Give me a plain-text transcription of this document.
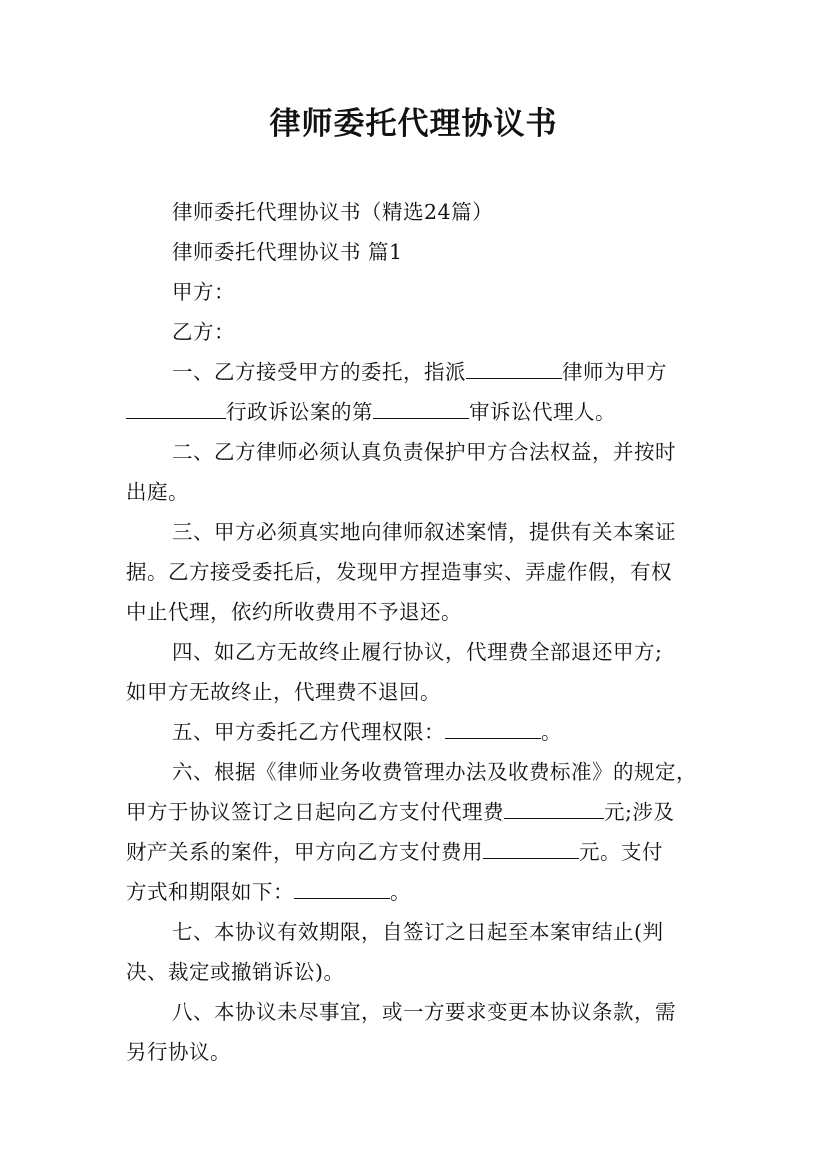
律师委托代理协议书
律师委托代理协议书（精选24篇）
律师委托代理协议书 篇1
甲方：
乙方：
一、乙方接受甲方的委托，指派	律师为甲方
行政诉讼案的第	审诉讼代理人。
二、乙方律师必须认真负责保护甲方合法权益，并按时
出庭。
三、甲方必须真实地向律师叙述案情，提供有关本案证
据。乙方接受委托后，发现甲方捏造事实、弄虚作假，有权
中止代理，依约所收费用不予退还。
四、如乙方无故终止履行协议，代理费全部退还甲方;
如甲方无故终止，代理费不退回。
五、甲方委托乙方代理权限：	。
六、根据《律师业务收费管理办法及收费标准》的规定，
甲方于协议签订之日起向乙方支付代理费	元;涉及
财产关系的案件，甲方向乙方支付费用	元。支付
方式和期限如下：	。
七、本协议有效期限，自签订之日起至本案审结止(判
决、裁定或撤销诉讼)。
八、本协议未尽事宜，或一方要求变更本协议条款，需
另行协议。
